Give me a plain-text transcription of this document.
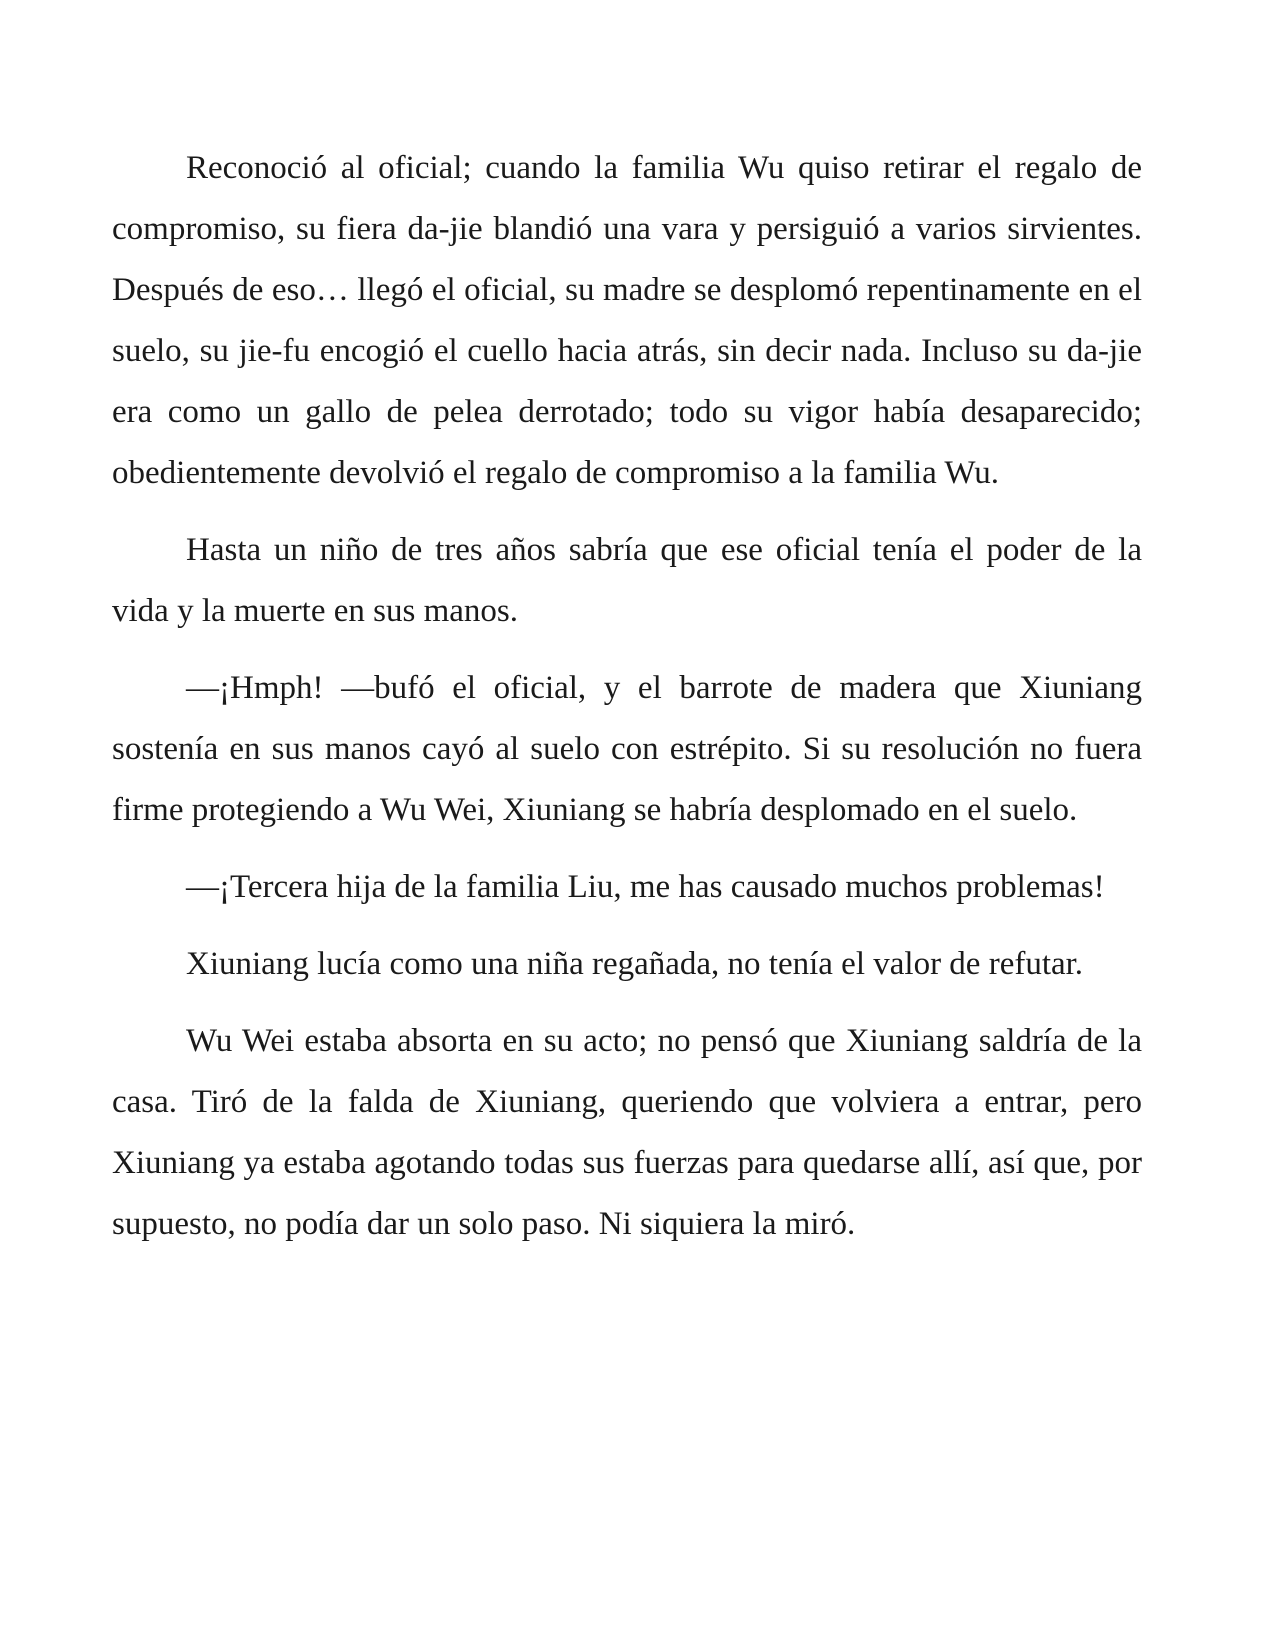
Reconoció al oficial; cuando la familia Wu quiso retirar el regalo de compromiso, su fiera da-jie blandió una vara y persiguió a varios sirvientes. Después de eso… llegó el oficial, su madre se desplomó repentinamente en el suelo, su jie-fu encogió el cuello hacia atrás, sin decir nada. Incluso su da-jie era como un gallo de pelea derrotado; todo su vigor había desaparecido; obedientemente devolvió el regalo de compromiso a la familia Wu.

Hasta un niño de tres años sabría que ese oficial tenía el poder de la vida y la muerte en sus manos.

—¡Hmph! —bufó el oficial, y el barrote de madera que Xiuniang sostenía en sus manos cayó al suelo con estrépito. Si su resolución no fuera firme protegiendo a Wu Wei, Xiuniang se habría desplomado en el suelo.

—¡Tercera hija de la familia Liu, me has causado muchos problemas!

Xiuniang lucía como una niña regañada, no tenía el valor de refutar.

Wu Wei estaba absorta en su acto; no pensó que Xiuniang saldría de la casa. Tiró de la falda de Xiuniang, queriendo que volviera a entrar, pero Xiuniang ya estaba agotando todas sus fuerzas para quedarse allí, así que, por supuesto, no podía dar un solo paso. Ni siquiera la miró.
